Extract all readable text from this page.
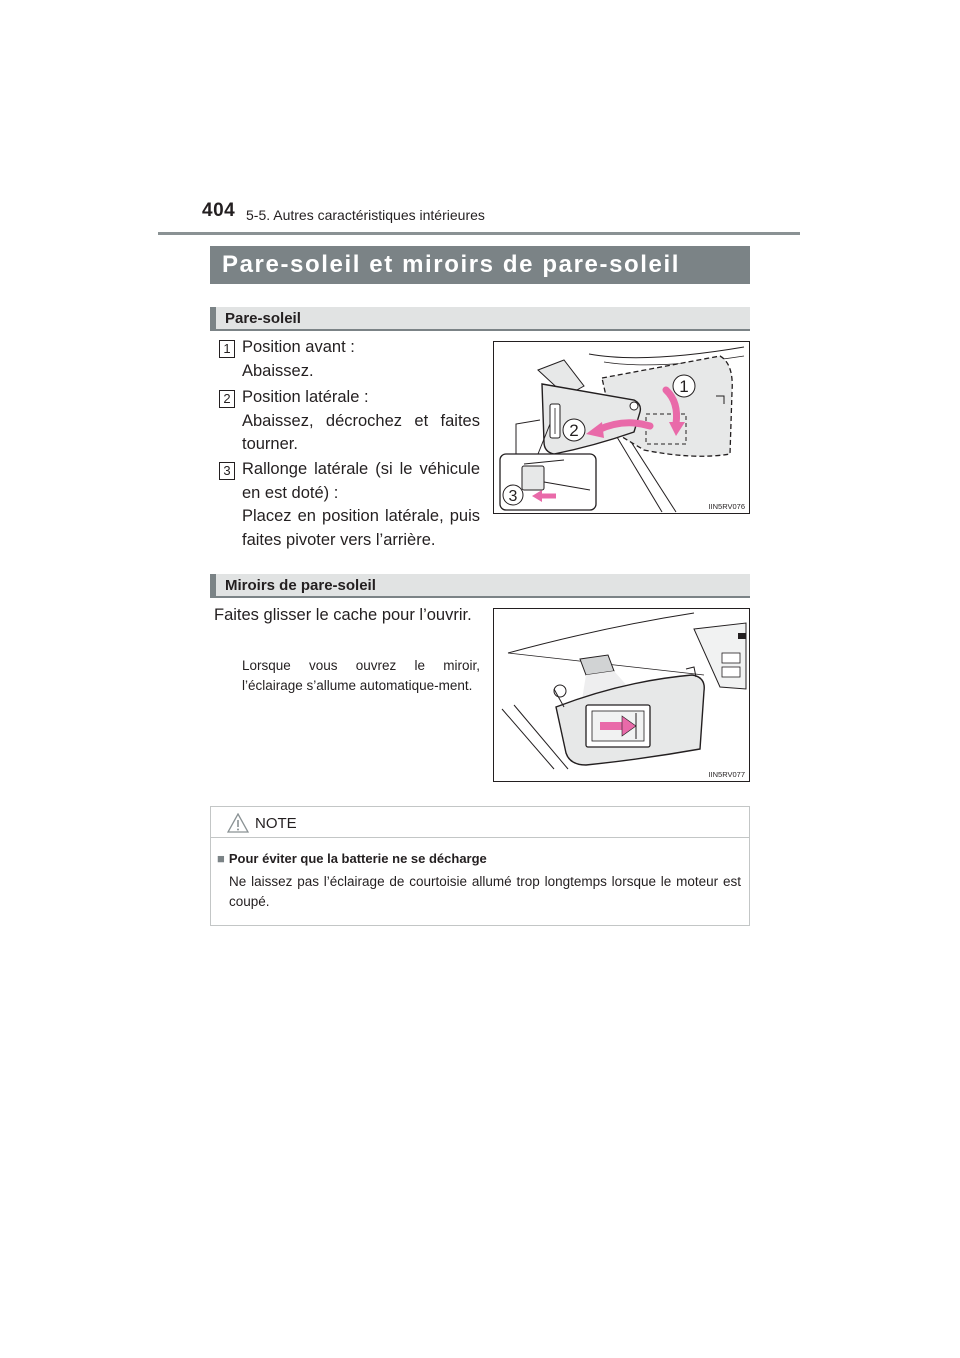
404 5-5. Autres caractéristiques intérieures
Pare-soleil et miroirs de pare-soleil
Pare-soleil
1 Position avant :
Abaissez.
2 Position latérale :
Abaissez, décrochez et faites tourner.
3 Rallonge latérale (si le véhicule en est doté) :
Placez en position latérale, puis faites pivoter vers l’arrière.
1
2
3
IIN5RV076
Miroirs de pare-soleil
Faites glisser le cache pour l’ouvrir.
Lorsque vous ouvrez le miroir, l’éclairage s’allume automatique-ment.
IIN5RV077
NOTE
■ Pour éviter que la batterie ne se décharge
Ne laissez pas l’éclairage de courtoisie allumé trop longtemps lorsque le moteur est coupé.
